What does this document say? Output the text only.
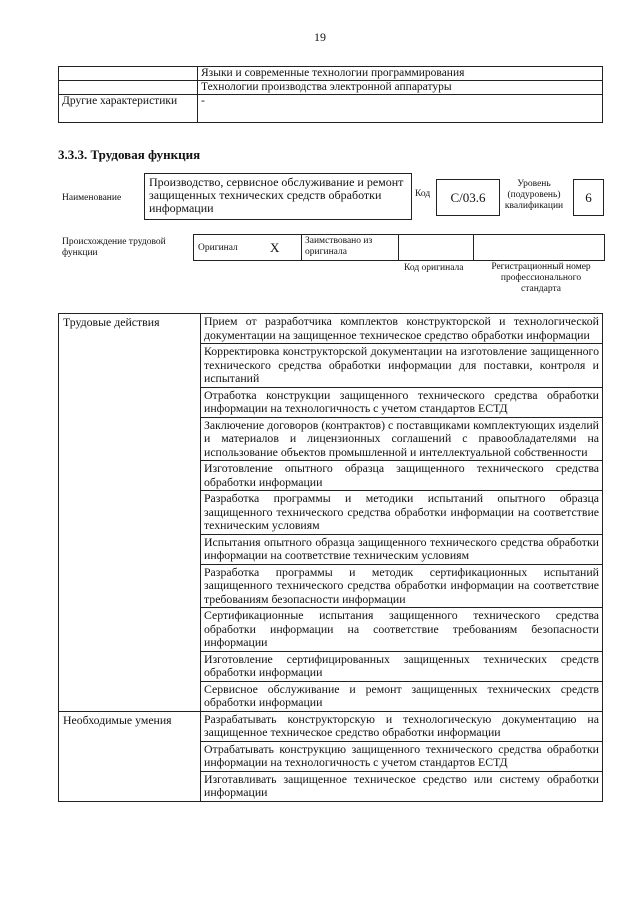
19
	Языки и современные технологии программирования
	Технологии производства электронной аппаратуры
Другие характеристики	-
3.3.3. Трудовая функция
Наименование
Производство, сервисное обслуживание и ремонт защищенных технических средств обработки информации
Код	С/03.6
Уровень (подуровень) квалификации
6
Происхождение трудовой функции	Оригинал X	Заимствовано из оригинала
Код оригинала	Регистрационный номер профессионального стандарта
Трудовые действия	Прием от разработчика комплектов конструкторской и технологической документации на защищенное техническое средство обработки информации
	Корректировка конструкторской документации на изготовление защищенного технического средства обработки информации для поставки, контроля и испытаний
	Отработка конструкции защищенного технического средства обработки информации на технологичность с учетом стандартов ЕСТД
	Заключение договоров (контрактов) с поставщиками комплектующих изделий и материалов и лицензионных соглашений с правообладателями на использование объектов промышленной и интеллектуальной собственности
	Изготовление опытного образца защищенного технического средства обработки информации
	Разработка программы и методики испытаний опытного образца защищенного технического средства обработки информации на соответствие техническим условиям
	Испытания опытного образца защищенного технического средства обработки информации на соответствие техническим условиям
	Разработка программы и методик сертификационных испытаний защищенного технического средства обработки информации на соответствие требованиям безопасности информации
	Сертификационные испытания защищенного технического средства обработки информации на соответствие требованиям безопасности информации
	Изготовление сертифицированных защищенных технических средств обработки информации
	Сервисное обслуживание и ремонт защищенных технических средств обработки информации
Необходимые умения	Разрабатывать конструкторскую и технологическую документацию на защищенное техническое средство обработки информации
	Отрабатывать конструкцию защищенного технического средства обработки информации на технологичность с учетом стандартов ЕСТД
	Изготавливать защищенное техническое средство или систему обработки информации
